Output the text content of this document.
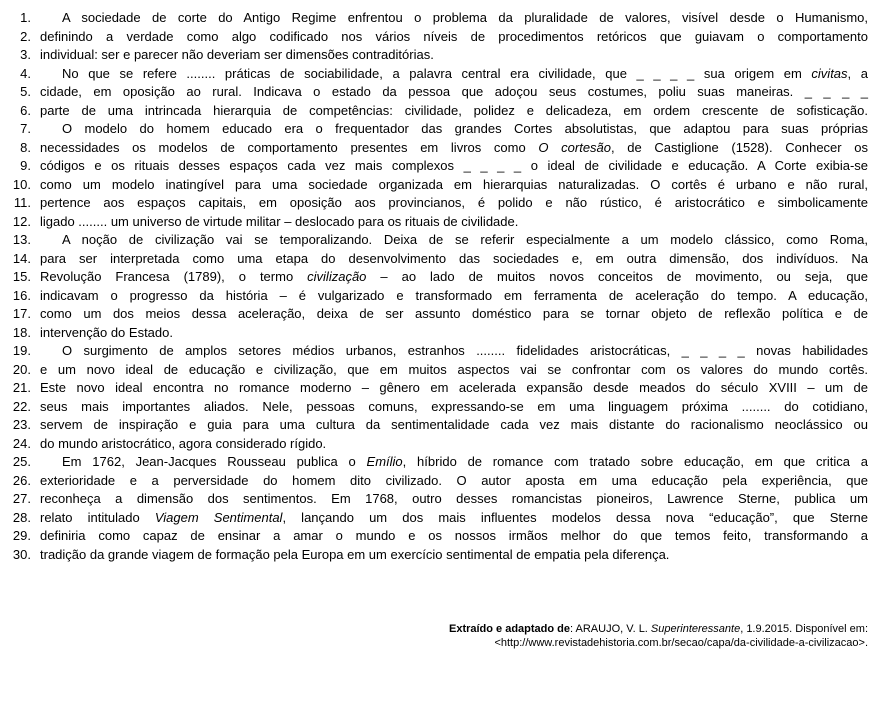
1.	A sociedade de corte do Antigo Regime enfrentou o problema da pluralidade de valores, visível desde o Humanismo,
2. definindo a verdade como algo codificado nos vários níveis de procedimentos retóricos que guiavam o comportamento
3. individual: ser e parecer não deveriam ser dimensões contraditórias.
4.	No que se refere ........ práticas de sociabilidade, a palavra central era civilidade, que _ _ _ _ sua origem em civitas, a
5. cidade, em oposição ao rural. Indicava o estado da pessoa que adoçou seus costumes, poliu suas maneiras. _ _ _ _
6. parte de uma intrincada hierarquia de competências: civilidade, polidez e delicadeza, em ordem crescente de sofisticação.
7.	O modelo do homem educado era o frequentador das grandes Cortes absolutistas, que adaptou para suas próprias
8. necessidades os modelos de comportamento presentes em livros como O cortesão, de Castiglione (1528). Conhecer os
9. códigos e os rituais desses espaços cada vez mais complexos _ _ _ _ o ideal de civilidade e educação. A Corte exibia-se
10. como um modelo inatingível para uma sociedade organizada em hierarquias naturalizadas. O cortês é urbano e não rural,
11. pertence aos espaços capitais, em oposição aos provincianos, é polido e não rústico, é aristocrático e simbolicamente
12. ligado ........ um universo de virtude militar – deslocado para os rituais de civilidade.
13.	A noção de civilização vai se temporalizando. Deixa de se referir especialmente a um modelo clássico, como Roma,
14. para ser interpretada como uma etapa do desenvolvimento das sociedades e, em outra dimensão, dos indivíduos. Na
15. Revolução Francesa (1789), o termo civilização – ao lado de muitos novos conceitos de movimento, ou seja, que
16. indicavam o progresso da história – é vulgarizado e transformado em ferramenta de aceleração do tempo. A educação,
17. como um dos meios dessa aceleração, deixa de ser assunto doméstico para se tornar objeto de reflexão política e de
18. intervenção do Estado.
19.	O surgimento de amplos setores médios urbanos, estranhos ........ fidelidades aristocráticas, _ _ _ _ novas habilidades
20. e um novo ideal de educação e civilização, que em muitos aspectos vai se confrontar com os valores do mundo cortês.
21. Este novo ideal encontra no romance moderno – gênero em acelerada expansão desde meados do século XVIII – um de
22. seus mais importantes aliados. Nele, pessoas comuns, expressando-se em uma linguagem próxima ........ do cotidiano,
23. servem de inspiração e guia para uma cultura da sentimentalidade cada vez mais distante do racionalismo neoclássico ou
24. do mundo aristocrático, agora considerado rígido.
25.	Em 1762, Jean-Jacques Rousseau publica o Emílio, híbrido de romance com tratado sobre educação, em que critica a
26. exterioridade e a perversidade do homem dito civilizado. O autor aposta em uma educação pela experiência, que
27. reconheça a dimensão dos sentimentos. Em 1768, outro desses romancistas pioneiros, Lawrence Sterne, publica um
28. relato intitulado Viagem Sentimental, lançando um dos mais influentes modelos dessa nova “educação”, que Sterne
29. definiria como capaz de ensinar a amar o mundo e os nossos irmãos melhor do que temos feito, transformando a
30. tradição da grande viagem de formação pela Europa em um exercício sentimental de empatia pela diferença.
Extraído e adaptado de: ARAUJO, V. L. Superinteressante, 1.9.2015. Disponível em:
<http://www.revistadehistoria.com.br/secao/capa/da-civilidade-a-civilizacao>.
